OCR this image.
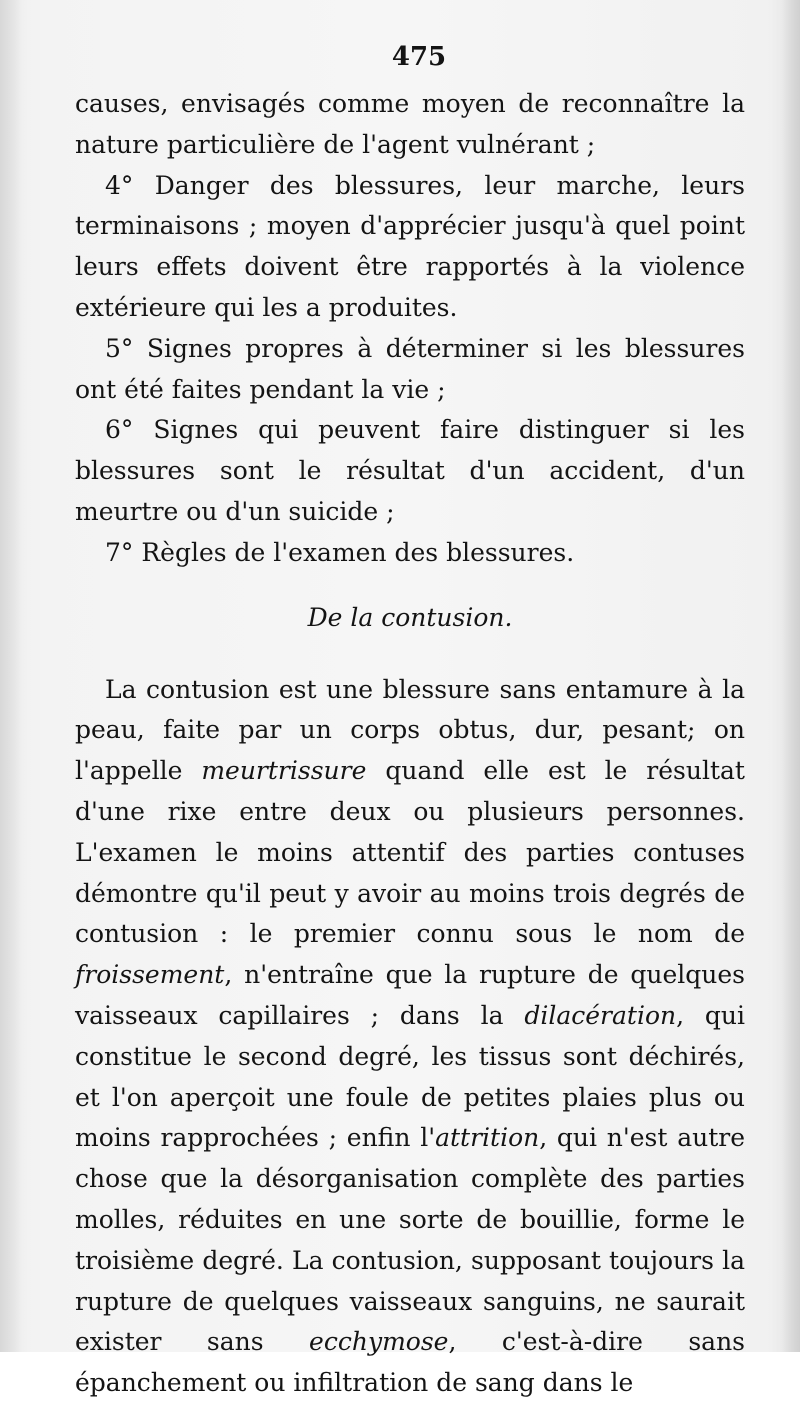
475

causes, envisagés comme moyen de reconnaître la nature particulière de l'agent vulnérant ;

4° Danger des blessures, leur marche, leurs terminaisons ; moyen d'apprécier jusqu'à quel point leurs effets doivent être rapportés à la violence extérieure qui les a produites.

5° Signes propres à déterminer si les blessures ont été faites pendant la vie ;

6° Signes qui peuvent faire distinguer si les blessures sont le résultat d'un accident, d'un meurtre ou d'un suicide ;

7° Règles de l'examen des blessures.

De la contusion.

La contusion est une blessure sans entamure à la peau, faite par un corps obtus, dur, pesant; on l'appelle meurtrissure quand elle est le résultat d'une rixe entre deux ou plusieurs personnes. L'examen le moins attentif des parties contuses démontre qu'il peut y avoir au moins trois degrés de contusion : le premier connu sous le nom de froissement, n'entraîne que la rupture de quelques vaisseaux capillaires ; dans la dilacération, qui constitue le second degré, les tissus sont déchirés, et l'on aperçoit une foule de petites plaies plus ou moins rapprochées ; enfin l'attrition, qui n'est autre chose que la désorganisation complète des parties molles, réduites en une sorte de bouillie, forme le troisième degré. La contusion, supposant toujours la rupture de quelques vaisseaux sanguins, ne saurait exister sans ecchymose, c'est-à-dire sans épanchement ou infiltration de sang dans le
